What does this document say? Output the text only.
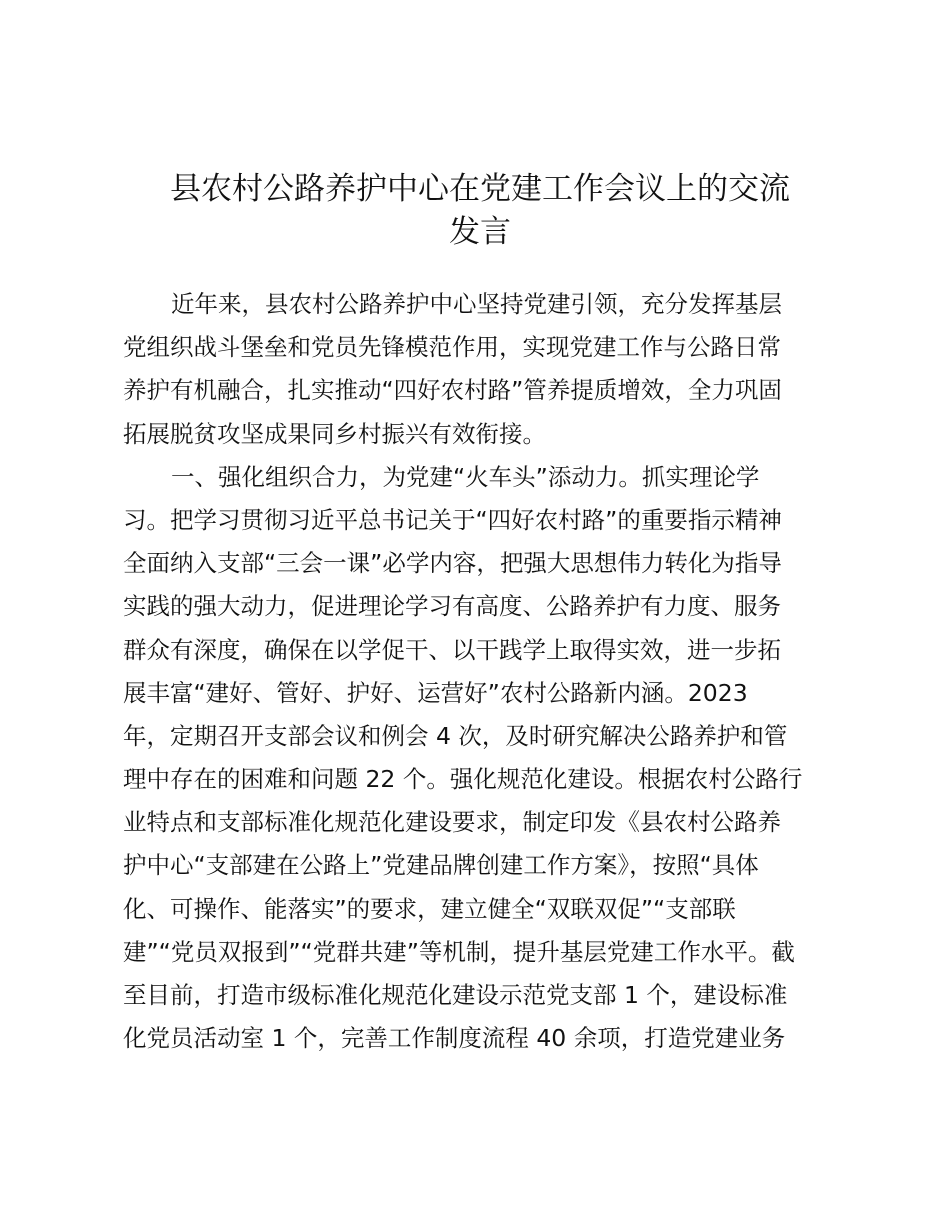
县农村公路养护中心在党建工作会议上的交流
发言
近年来，县农村公路养护中心坚持党建引领，充分发挥基层
党组织战斗堡垒和党员先锋模范作用，实现党建工作与公路日常
养护有机融合，扎实推动“四好农村路”管养提质增效，全力巩固
拓展脱贫攻坚成果同乡村振兴有效衔接。
一、强化组织合力，为党建“火车头”添动力。抓实理论学
习。把学习贯彻习近平总书记关于“四好农村路”的重要指示精神
全面纳入支部“三会一课”必学内容，把强大思想伟力转化为指导
实践的强大动力，促进理论学习有高度、公路养护有力度、服务
群众有深度，确保在以学促干、以干践学上取得实效，进一步拓
展丰富“建好、管好、护好、运营好”农村公路新内涵。2023
年，定期召开支部会议和例会 4 次，及时研究解决公路养护和管
理中存在的困难和问题 22 个。强化规范化建设。根据农村公路行
业特点和支部标准化规范化建设要求，制定印发《县农村公路养
护中心“支部建在公路上”党建品牌创建工作方案》，按照“具体
化、可操作、能落实”的要求，建立健全“双联双促”“支部联
建”“党员双报到”“党群共建”等机制，提升基层党建工作水平。截
至目前，打造市级标准化规范化建设示范党支部 1 个，建设标准
化党员活动室 1 个，完善工作制度流程 40 余项，打造党建业务
